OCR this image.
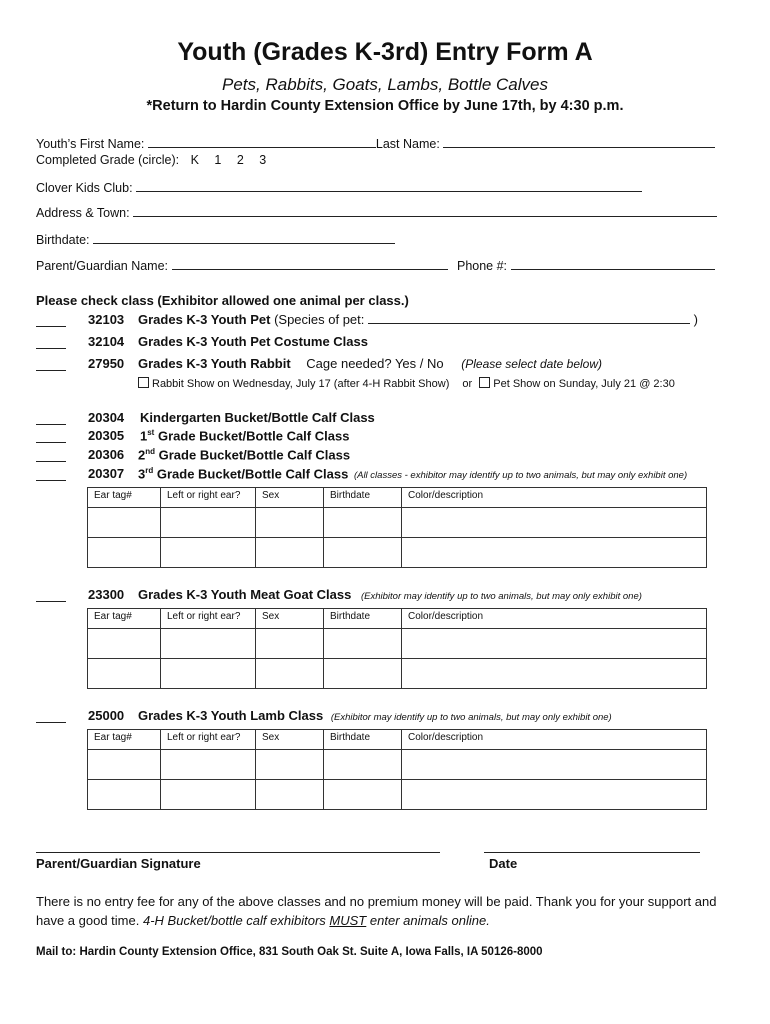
Youth (Grades K-3rd) Entry Form A
Pets, Rabbits, Goats, Lambs, Bottle Calves
*Return to Hardin County Extension Office by June 17th, by 4:30 p.m.
Youth’s First Name:	Last Name:
Completed Grade (circle): K 1 2 3
Clover Kids Club:
Address & Town:
Birthdate:
Parent/Guardian Name:	Phone #:
Please check class (Exhibitor allowed one animal per class.)
32103 Grades K-3 Youth Pet (Species of pet:	)
32104 Grades K-3 Youth Pet Costume Class
27950 Grades K-3 Youth Rabbit Cage needed? Yes / No (Please select date below)
Rabbit Show on Wednesday, July 17 (after 4-H Rabbit Show) or Pet Show on Sunday, July 21 @ 2:30
20304 Kindergarten Bucket/Bottle Calf Class
20305 1st Grade Bucket/Bottle Calf Class
20306 2nd Grade Bucket/Bottle Calf Class
20307 3rd Grade Bucket/Bottle Calf Class (All classes - exhibitor may identify up to two animals, but may only exhibit one)
Ear tag#	Left or right ear?	Sex	Birthdate	Color/description

23300 Grades K-3 Youth Meat Goat Class (Exhibitor may identify up to two animals, but may only exhibit one)
Ear tag#	Left or right ear?	Sex	Birthdate	Color/description

25000 Grades K-3 Youth Lamb Class (Exhibitor may identify up to two animals, but may only exhibit one)
Ear tag#	Left or right ear?	Sex	Birthdate	Color/description

Parent/Guardian Signature	Date
There is no entry fee for any of the above classes and no premium money will be paid. Thank you for your support and have a good time. 4-H Bucket/bottle calf exhibitors MUST enter animals online.
Mail to: Hardin County Extension Office, 831 South Oak St. Suite A, Iowa Falls, IA 50126-8000
